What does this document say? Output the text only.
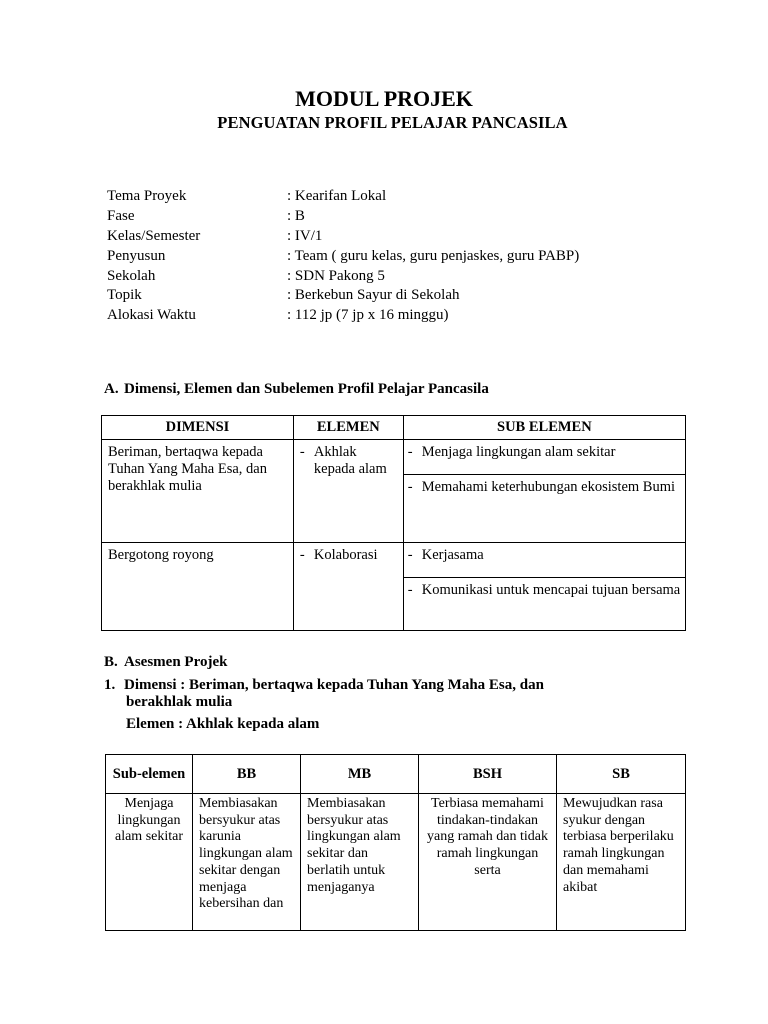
MODUL PROJEK
PENGUATAN PROFIL PELAJAR PANCASILA
Tema Proyek	: Kearifan Lokal
Fase	: B
Kelas/Semester	: IV/1
Penyusun	: Team ( guru kelas, guru penjaskes, guru PABP)
Sekolah	: SDN Pakong 5
Topik	: Berkebun Sayur di Sekolah
Alokasi Waktu	: 112 jp (7 jp x 16 minggu)
A. Dimensi, Elemen dan Subelemen Profil Pelajar Pancasila
DIMENSI	ELEMEN	SUB ELEMEN
Beriman, bertaqwa kepada Tuhan Yang Maha Esa, dan berakhlak mulia	- Akhlak kepada alam	- Menjaga lingkungan alam sekitar

		- Memahami keterhubungan ekosistem Bumi

Bergotong royong	- Kolaborasi	- Kerjasama

		- Komunikasi untuk mencapai tujuan bersama
B. Asesmen Projek
1. Dimensi : Beriman, bertaqwa kepada Tuhan Yang Maha Esa, dan
berakhlak mulia
Elemen : Akhlak kepada alam
Sub-elemen	BB	MB	BSH	SB
Menjaga lingkungan alam sekitar	Membiasakan bersyukur atas karunia lingkungan alam sekitar dengan menjaga kebersihan dan	Membiasakan bersyukur atas lingkungan alam sekitar dan berlatih untuk menjaganya	Terbiasa memahami tindakan-tindakan yang ramah dan tidak ramah lingkungan serta	Mewujudkan rasa syukur dengan terbiasa berperilaku ramah lingkungan dan memahami akibat
